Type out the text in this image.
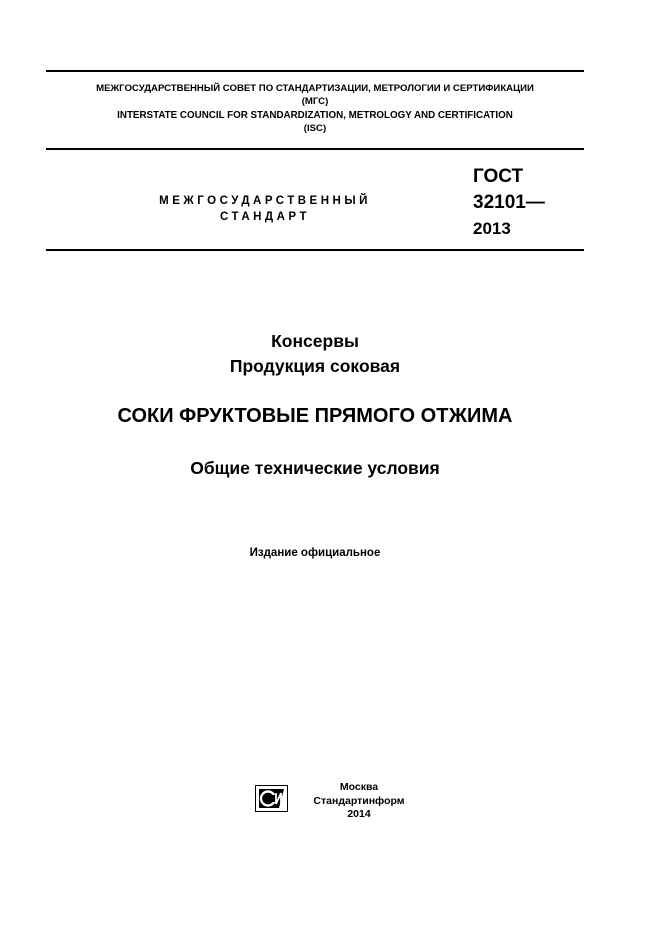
МЕЖГОСУДАРСТВЕННЫЙ СОВЕТ ПО СТАНДАРТИЗАЦИИ, МЕТРОЛОГИИ И СЕРТИФИКАЦИИ
(МГС)
INTERSTATE COUNCIL FOR STANDARDIZATION, METROLOGY AND CERTIFICATION
(ISC)
МЕЖГОСУДАРСТВЕННЫЙ
СТАНДАРТ
ГОСТ
32101—
2013
Консервы
Продукция соковая
СОКИ ФРУКТОВЫЕ ПРЯМОГО ОТЖИМА
Общие технические условия
Издание официальное
Москва
Стандартинформ
2014
